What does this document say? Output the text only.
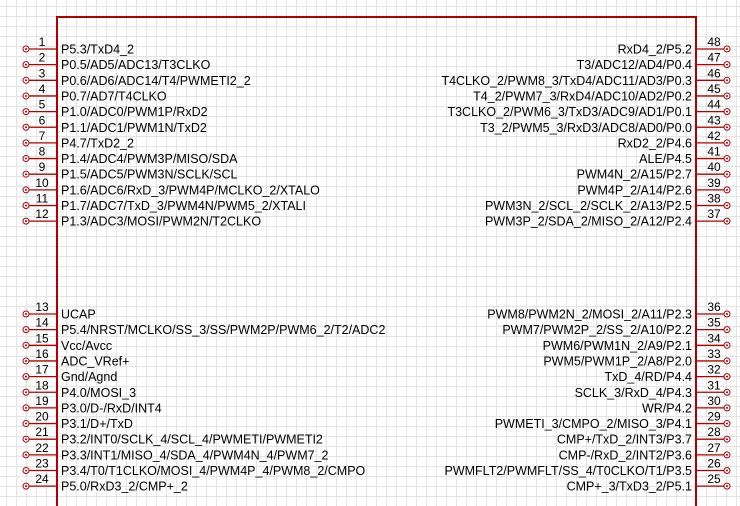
1
P5.3/TxD4_2
2
P0.5/AD5/ADC13/T3CLKO
3
P0.6/AD6/ADC14/T4/PWMETI2_2
4
P0.7/AD7/T4CLKO
5
P1.0/ADC0/PWM1P/RxD2
6
P1.1/ADC1/PWM1N/TxD2
7
P4.7/TxD2_2
8
P1.4/ADC4/PWM3P/MISO/SDA
9
P1.5/ADC5/PWM3N/SCLK/SCL
10
P1.6/ADC6/RxD_3/PWM4P/MCLKO_2/XTALO
11
P1.7/ADC7/TxD_3/PWM4N/PWM5_2/XTALI
12
P1.3/ADC3/MOSI/PWM2N/T2CLKO
13
UCAP
14
P5.4/NRST/MCLKO/SS_3/SS/PWM2P/PWM6_2/T2/ADC2
15
Vcc/Avcc
16
ADC_VRef+
17
Gnd/Agnd
18
P4.0/MOSI_3
19
P3.0/D-/RxD/INT4
20
P3.1/D+/TxD
21
P3.2/INT0/SCLK_4/SCL_4/PWMETI/PWMETI2
22
P3.3/INT1/MISO_4/SDA_4/PWM4N_4/PWM7_2
23
P3.4/T0/T1CLKO/MOSI_4/PWM4P_4/PWM8_2/CMPO
24
P5.0/RxD3_2/CMP+_2
48
RxD4_2/P5.2
47
T3/ADC12/AD4/P0.4
46
T4CLKO_2/PWM8_3/TxD4/ADC11/AD3/P0.3
45
T4_2/PWM7_3/RxD4/ADC10/AD2/P0.2
44
T3CLKO_2/PWM6_3/TxD3/ADC9/AD1/P0.1
43
T3_2/PWM5_3/RxD3/ADC8/AD0/P0.0
42
RxD2_2/P4.6
41
ALE/P4.5
40
PWM4N_2/A15/P2.7
39
PWM4P_2/A14/P2.6
38
PWM3N_2/SCL_2/SCLK_2/A13/P2.5
37
PWM3P_2/SDA_2/MISO_2/A12/P2.4
36
PWM8/PWM2N_2/MOSI_2/A11/P2.3
35
PWM7/PWM2P_2/SS_2/A10/P2.2
34
PWM6/PWM1N_2/A9/P2.1
33
PWM5/PWM1P_2/A8/P2.0
32
TxD_4/RD/P4.4
31
SCLK_3/RxD_4/P4.3
30
WR/P4.2
29
PWMETI_3/CMPO_2/MISO_3/P4.1
28
CMP+/TxD_2/INT3/P3.7
27
CMP-/RxD_2/INT2/P3.6
26
PWMFLT2/PWMFLT/SS_4/T0CLKO/T1/P3.5
25
CMP+_3/TxD3_2/P5.1
